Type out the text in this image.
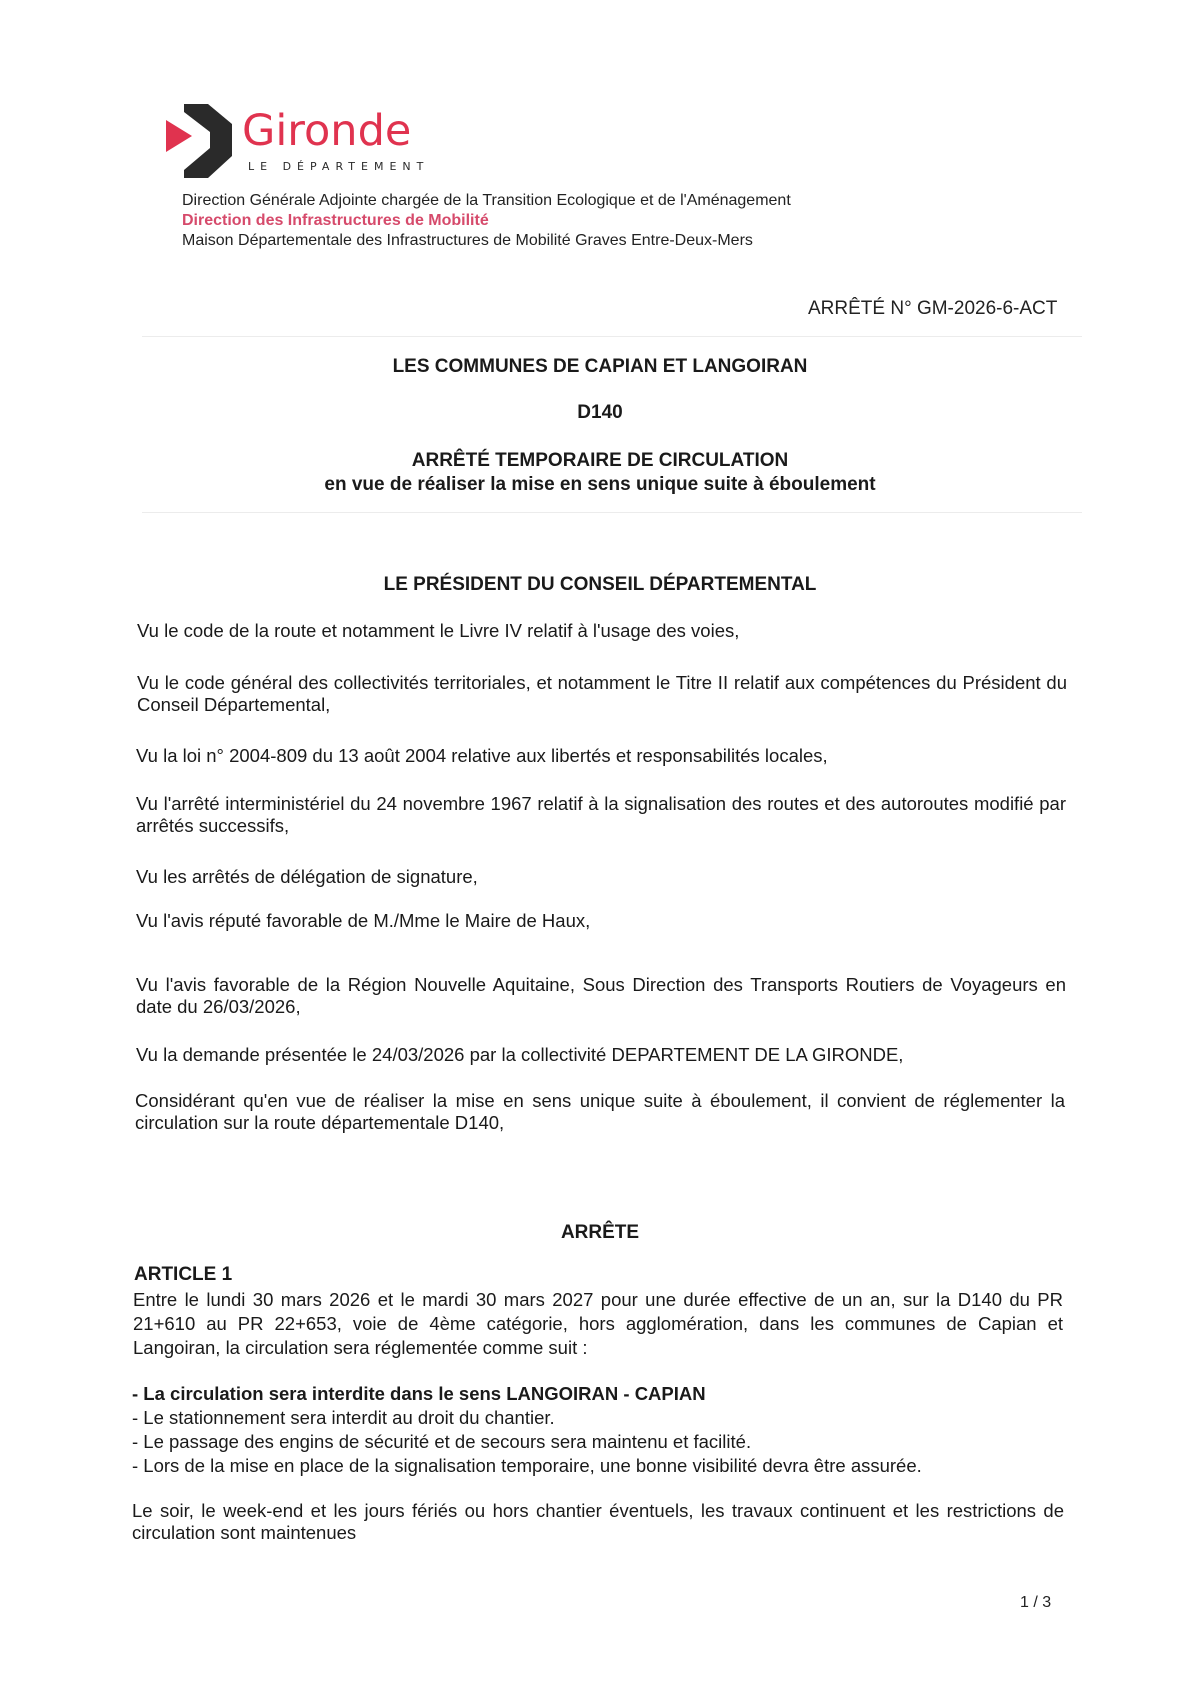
Gironde
LE DÉPARTEMENT
Direction Générale Adjointe chargée de la Transition Ecologique et de l'Aménagement
Direction des Infrastructures de Mobilité
Maison Départementale des Infrastructures de Mobilité Graves Entre-Deux-Mers
ARRÊTÉ N° GM-2026-6-ACT
LES COMMUNES DE CAPIAN ET LANGOIRAN
D140
ARRÊTÉ TEMPORAIRE DE CIRCULATION
en vue de réaliser la mise en sens unique suite à éboulement
LE PRÉSIDENT DU CONSEIL DÉPARTEMENTAL
Vu le code de la route et notamment le Livre IV relatif à l'usage des voies,
Vu le code général des collectivités territoriales, et notamment le Titre II relatif aux compétences du Président du Conseil Départemental,
Vu la loi n° 2004-809 du 13 août 2004 relative aux libertés et responsabilités locales,
Vu l'arrêté interministériel du 24 novembre 1967 relatif à la signalisation des routes et des autoroutes modifié par arrêtés successifs,
Vu les arrêtés de délégation de signature,
Vu l'avis réputé favorable de M./Mme le Maire de Haux,
Vu l'avis favorable de la Région Nouvelle Aquitaine, Sous Direction des Transports Routiers de Voyageurs en date du 26/03/2026,
Vu la demande présentée le 24/03/2026 par la collectivité DEPARTEMENT DE LA GIRONDE,
Considérant qu'en vue de réaliser la mise en sens unique suite à éboulement, il convient de réglementer la circulation sur la route départementale D140,
ARRÊTE
ARTICLE 1
Entre le lundi 30 mars 2026 et le mardi 30 mars 2027 pour une durée effective de un an, sur la D140 du PR 21+610 au PR 22+653, voie de 4ème catégorie, hors agglomération, dans les communes de Capian et Langoiran, la circulation sera réglementée comme suit :
- La circulation sera interdite dans le sens LANGOIRAN - CAPIAN
- Le stationnement sera interdit au droit du chantier.
- Le passage des engins de sécurité et de secours sera maintenu et facilité.
- Lors de la mise en place de la signalisation temporaire, une bonne visibilité devra être assurée.
Le soir, le week-end et les jours fériés ou hors chantier éventuels, les travaux continuent et les restrictions de circulation sont maintenues
1 / 3
